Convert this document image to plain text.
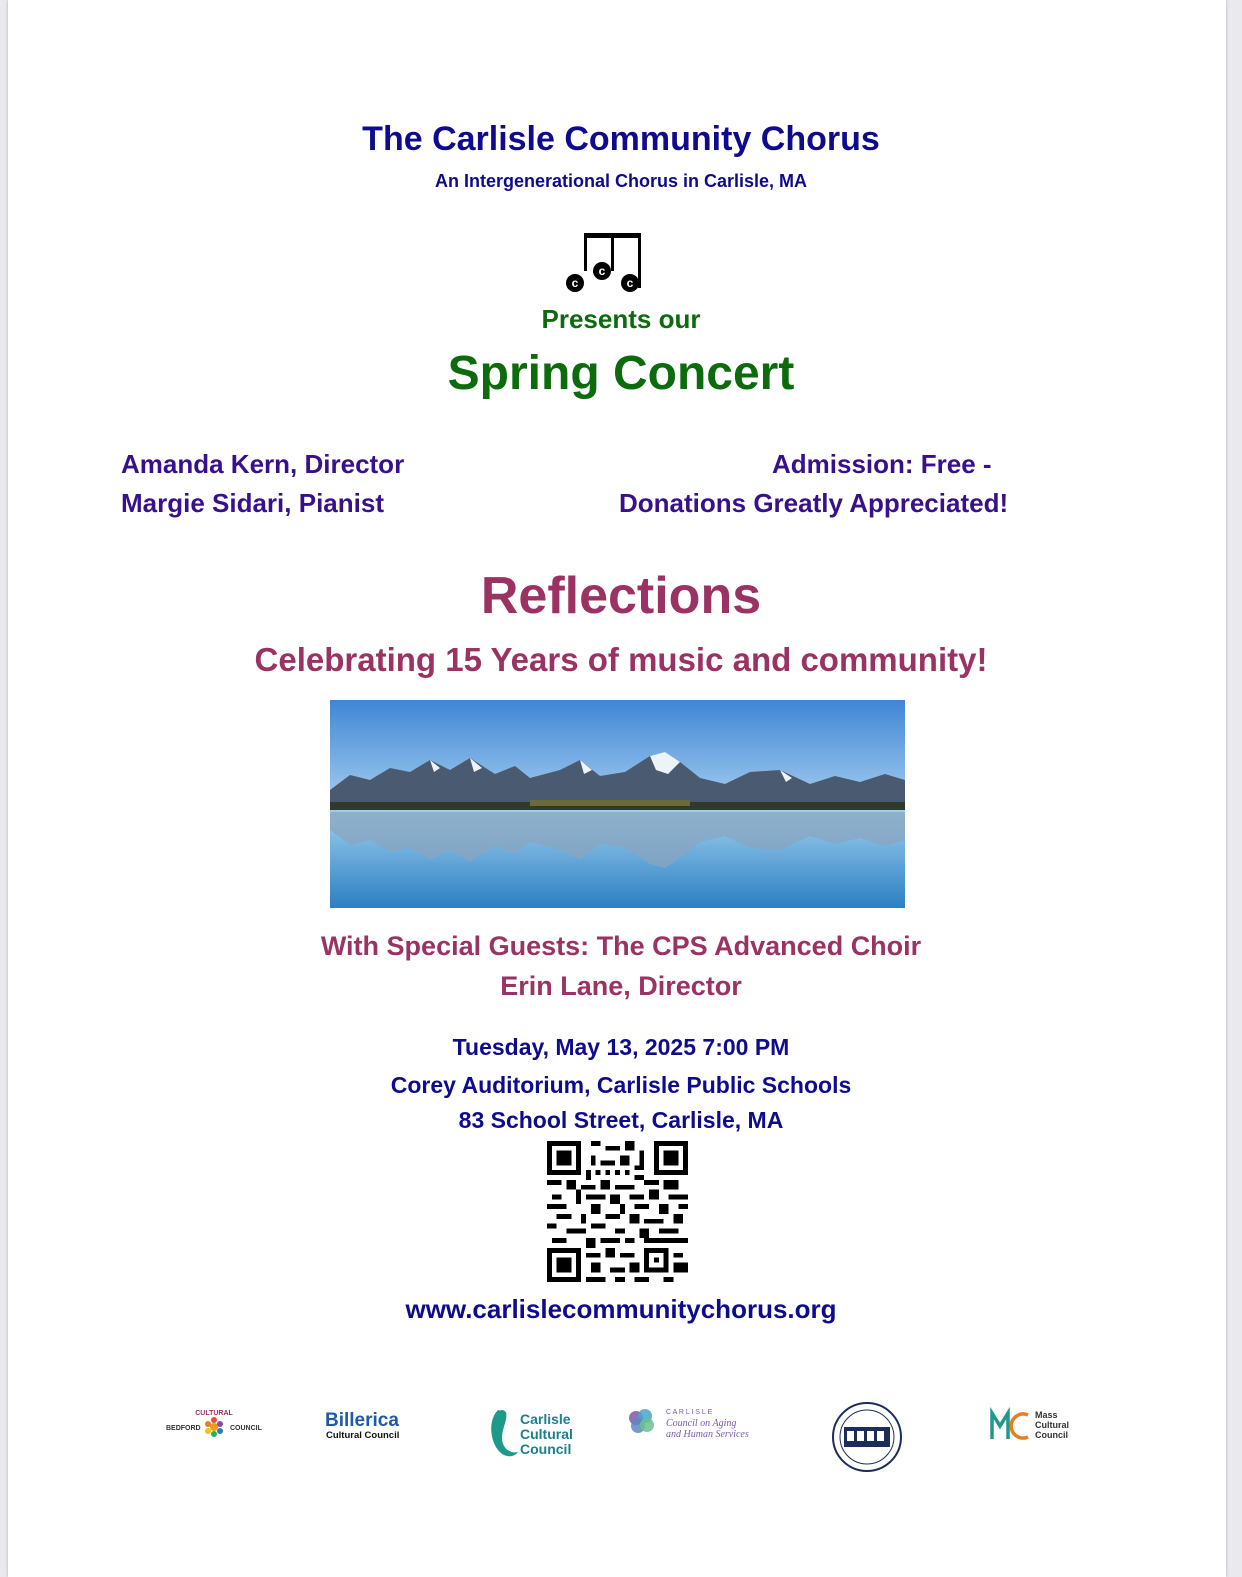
The Carlisle Community Chorus
An Intergenerational Chorus in Carlisle, MA
c
c
c
Presents our
Spring Concert
Amanda Kern, Director
Margie Sidari, Pianist
Admission: Free -
Donations Greatly Appreciated!
Reflections
Celebrating 15 Years of music and community!
With Special Guests: The CPS Advanced Choir
Erin Lane, Director
Tuesday, May 13, 2025 7:00 PM
Corey Auditorium, Carlisle Public Schools
83 School Street, Carlisle, MA
www.carlislecommunitychorus.org
CULTURAL
BEDFORD	COUNCIL	Billerica
Cultural Council
Carlisle
Cultural
Council
C A R L I S L E
Council on Aging
and Human Services
Mass
Cultural
Council
